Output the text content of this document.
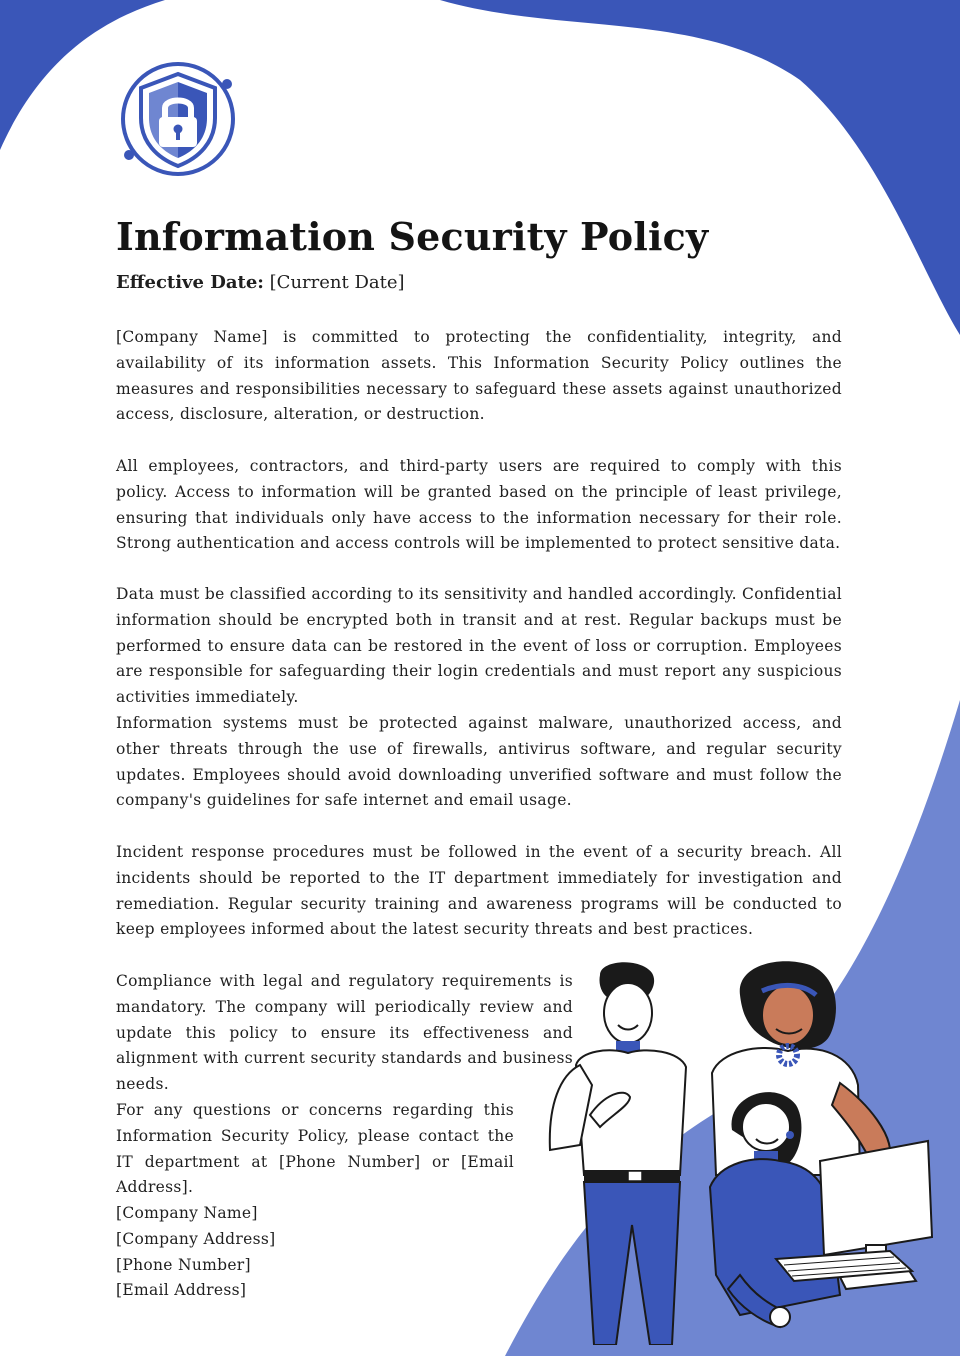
Information Security Policy
Effective Date: [Current Date]

[Company Name] is committed to protecting the confidentiality, integrity, and availability of its information assets. This Information Security Policy outlines the measures and responsibilities necessary to safeguard these assets against unauthorized access, disclosure, alteration, or destruction.

All employees, contractors, and third-party users are required to comply with this policy. Access to information will be granted based on the principle of least privilege, ensuring that individuals only have access to the information necessary for their role. Strong authentication and access controls will be implemented to protect sensitive data.

Data must be classified according to its sensitivity and handled accordingly. Confidential information should be encrypted both in transit and at rest. Regular backups must be performed to ensure data can be restored in the event of loss or corruption. Employees are responsible for safeguarding their login credentials and must report any suspicious activities immediately.

Information systems must be protected against malware, unauthorized access, and other threats through the use of firewalls, antivirus software, and regular security updates. Employees should avoid downloading unverified software and must follow the company's guidelines for safe internet and email usage.

Incident response procedures must be followed in the event of a security breach. All incidents should be reported to the IT department immediately for investigation and remediation. Regular security training and awareness programs will be conducted to keep employees informed about the latest security threats and best practices.

Compliance with legal and regulatory requirements is mandatory. The company will periodically review and update this policy to ensure its effectiveness and alignment with current security standards and business needs.

For any questions or concerns regarding this Information Security Policy, please contact the IT department at [Phone Number] or [Email Address].

[Company Name]
[Company Address]
[Phone Number]
[Email Address]
